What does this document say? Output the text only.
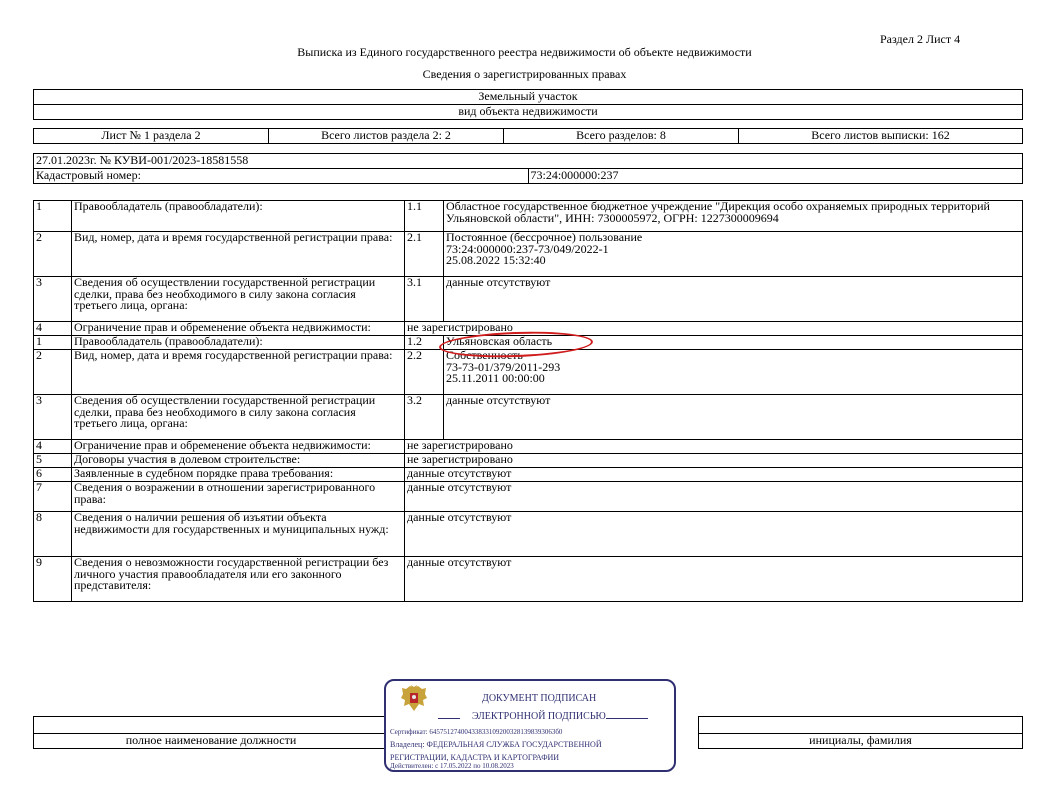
Раздел 2 Лист 4
Выписка из Единого государственного реестра недвижимости об объекте недвижимости
Сведения о зарегистрированных правах
Земельный участок
вид объекта недвижимости
Лист № 1 раздела 2	Всего листов раздела 2: 2	Всего разделов: 8	Всего листов выписки: 162
27.01.2023г. № КУВИ-001/2023-18581558
Кадастровый номер:	73:24:000000:237
1	Правообладатель (правообладатели):	1.1	Областное государственное бюджетное учреждение "Дирекция особо охраняемых природных территорий Ульяновской области", ИНН: 7300005972, ОГРН: 1227300009694
2	Вид, номер, дата и время государственной регистрации права:	2.1	Постоянное (бессрочное) пользование
73:24:000000:237-73/049/2022-1
25.08.2022 15:32:40

3	Сведения об осуществлении государственной регистрации сделки, права без необходимого в силу закона согласия третьего лица, органа:	3.1	данные отсутствуют
4	Ограничение прав и обременение объекта недвижимости:	не зарегистрировано	
1	Правообладатель (правообладатели):	1.2	Ульяновская область
2	Вид, номер, дата и время государственной регистрации права:	2.2	Собственность
73-73-01/379/2011-293
25.11.2011 00:00:00

3	Сведения об осуществлении государственной регистрации сделки, права без необходимого в силу закона согласия третьего лица, органа:	3.2	данные отсутствуют
4	Ограничение прав и обременение объекта недвижимости:	не зарегистрировано	
5	Договоры участия в долевом строительстве:	не зарегистрировано	
6	Заявленные в судебном порядке права требования:	данные отсутствуют	
7	Сведения о возражении в отношении зарегистрированного права:	данные отсутствуют	
8	Сведения о наличии решения об изъятии объекта недвижимости для государственных и муниципальных нужд:	данные отсутствуют	
9	Сведения о невозможности государственной регистрации без личного участия правообладателя или его законного представителя:	данные отсутствуют	

полное наименование должности		инициалы, фамилия
ДОКУМЕНТ ПОДПИСАН
ЭЛЕКТРОННОЙ ПОДПИСЬЮ
Сертификат: 645751274004338331092003281398393063б0
Владелец: ФЕДЕРАЛЬНАЯ СЛУЖБА ГОСУДАРСТВЕННОЙ
РЕГИСТРАЦИИ, КАДАСТРА И КАРТОГРАФИИ
Действителен: с 17.05.2022 по 10.08.2023
